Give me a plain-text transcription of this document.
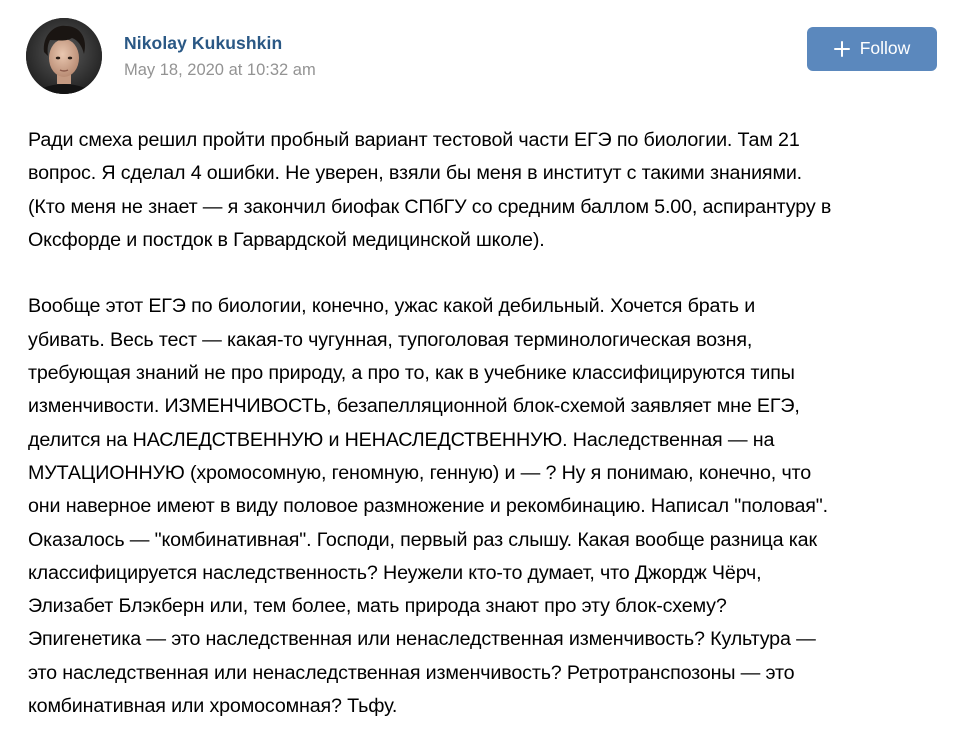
Nikolay Kukushkin
May 18, 2020 at 10:32 am
Follow

Ради смеха решил пройти пробный вариант тестовой части ЕГЭ по биологии. Там 21
вопрос. Я сделал 4 ошибки. Не уверен, взяли бы меня в институт с такими знаниями.
(Кто меня не знает — я закончил биофак СПбГУ со средним баллом 5.00, аспирантуру в
Оксфорде и постдок в Гарвардской медицинской школе).

Вообще этот ЕГЭ по биологии, конечно, ужас какой дебильный. Хочется брать и
убивать. Весь тест — какая-то чугунная, тупоголовая терминологическая возня,
требующая знаний не про природу, а про то, как в учебнике классифицируются типы
изменчивости. ИЗМЕНЧИВОСТЬ, безапелляционной блок-схемой заявляет мне ЕГЭ,
делится на НАСЛЕДСТВЕННУЮ и НЕНАСЛЕДСТВЕННУЮ. Наследственная — на
МУТАЦИОННУЮ (хромосомную, геномную, генную) и — ? Ну я понимаю, конечно, что
они наверное имеют в виду половое размножение и рекомбинацию. Написал "половая".
Оказалось — "комбинативная". Господи, первый раз слышу. Какая вообще разница как
классифицируется наследственность? Неужели кто-то думает, что Джордж Чёрч,
Элизабет Блэкберн или, тем более, мать природа знают про эту блок-схему?
Эпигенетика — это наследственная или ненаследственная изменчивость? Культура —
это наследственная или ненаследственная изменчивость? Ретротранспозоны — это
комбинативная или хромосомная? Тьфу.
